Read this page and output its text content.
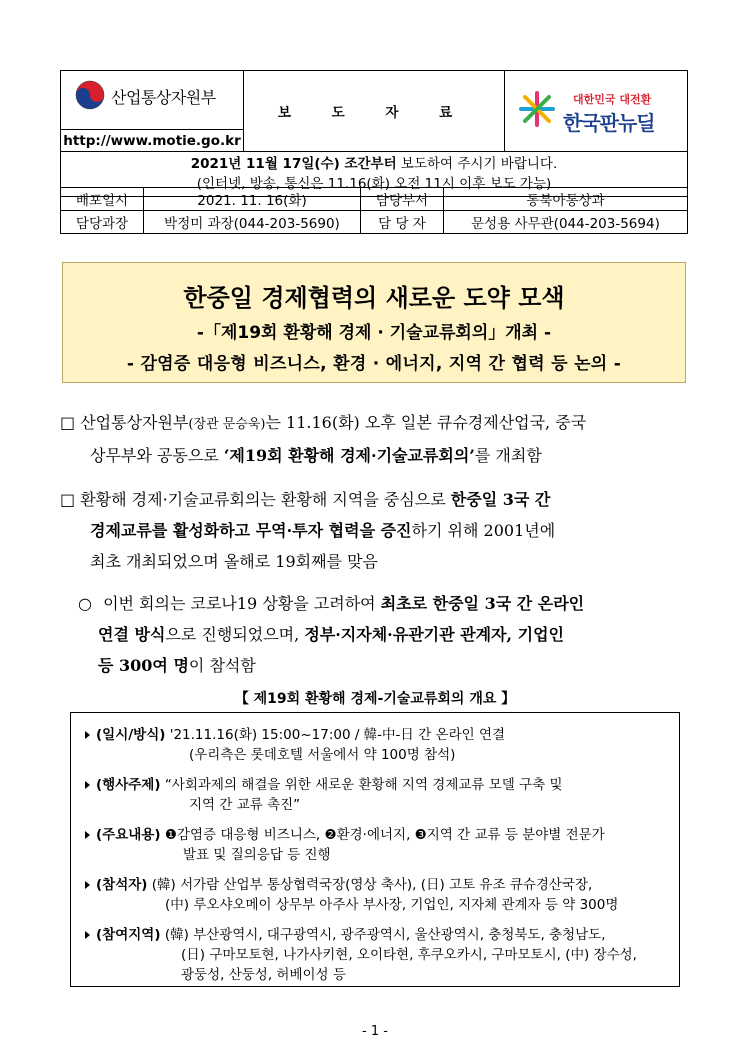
산업통상자원부
	보 도 자 료	
대한민국 대전환
한국판뉴딜

http://www.motie.go.kr

2021년 11월 17일(수) 조간부터 보도하여 주시기 바랍니다.
(인터넷, 방송, 통신은 11.16(화) 오전 11시 이후 보도 가능)
배포일시	2021. 11. 16(화)	담당부서	동북아통상과
담당과장	박정미 과장(044-203-5690)	담 당 자	문성용 사무관(044-203-5694)
한중일 경제협력의 새로운 도약 모색
-「제19회 환황해 경제 · 기술교류회의」개최 -
- 감염증 대응형 비즈니스, 환경 · 에너지, 지역 간 협력 등 논의 -
□ 산업통상자원부(장관 문승욱)는 11.16(화) 오후 일본 큐슈경제산업국, 중국
상무부와 공동으로 ‘제19회 환황해 경제·기술교류회의’를 개최함
□ 환황해 경제·기술교류회의는 환황해 지역을 중심으로 한중일 3국 간
경제교류를 활성화하고 무역·투자 협력을 증진하기 위해 2001년에
최초 개최되었으며 올해로 19회째를 맞음
○ 이번 회의는 코로나19 상황을 고려하여 최초로 한중일 3국 간 온라인
연결 방식으로 진행되었으며, 정부·지자체·유관기관 관계자, 기업인
등 300여 명이 참석함
【 제19회 환황해 경제-기술교류회의 개요 】
(일시/방식) '21.11.16(화) 15:00~17:00 / 韓-中-日 간 온라인 연결
(우리측은 롯데호텔 서울에서 약 100명 참석)
(행사주제) “사회과제의 해결을 위한 새로운 환황해 지역 경제교류 모델 구축 및
지역 간 교류 촉진”
(주요내용) ❶감염증 대응형 비즈니스, ❷환경·에너지, ❸지역 간 교류 등 분야별 전문가
발표 및 질의응답 등 진행
(참석자) (韓) 서가람 산업부 통상협력국장(영상 축사), (日) 고토 유조 큐슈경산국장,
(中) 루오샤오메이 상무부 아주사 부사장, 기업인, 지자체 관계자 등 약 300명
(참여지역) (韓) 부산광역시, 대구광역시, 광주광역시, 울산광역시, 충청북도, 충청남도,
(日) 구마모토현, 나가사키현, 오이타현, 후쿠오카시, 구마모토시, (中) 장수성,
광둥성, 산둥성, 허베이성 등
- 1 -
